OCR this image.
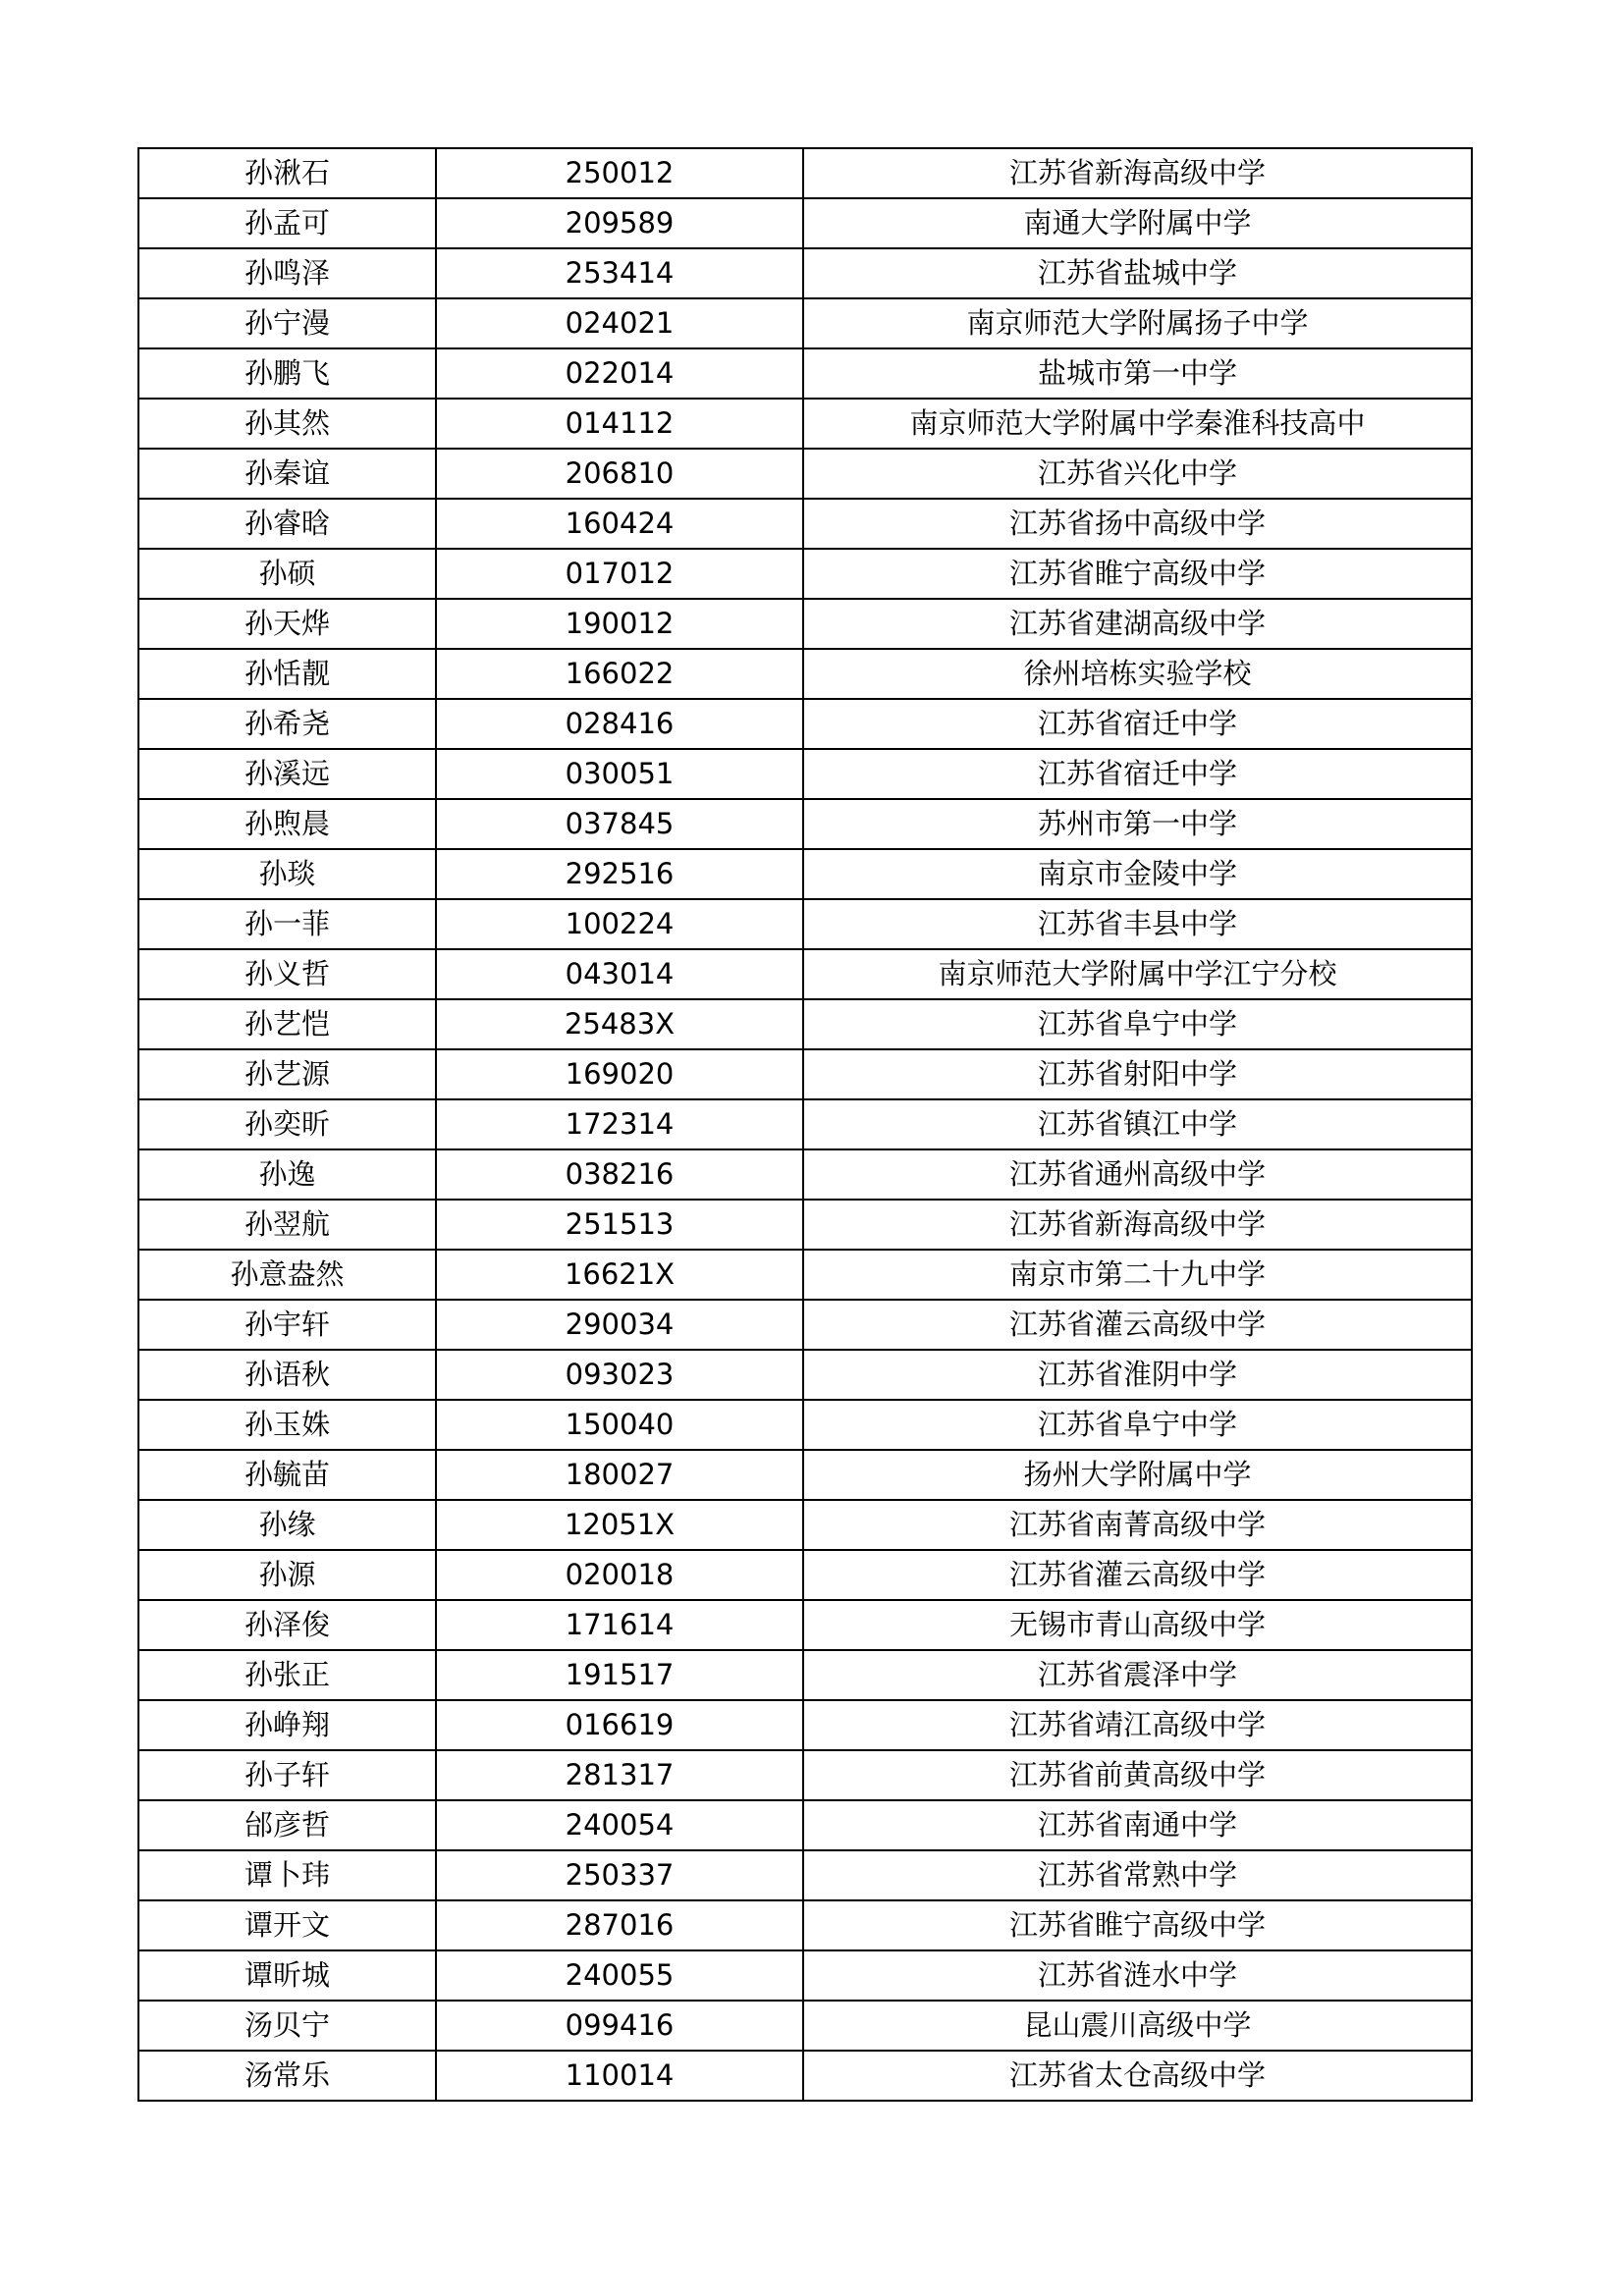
孙湫石	250012	江苏省新海高级中学
孙孟可	209589	南通大学附属中学
孙鸣泽	253414	江苏省盐城中学
孙宁漫	024021	南京师范大学附属扬子中学
孙鹏飞	022014	盐城市第一中学
孙其然	014112	南京师范大学附属中学秦淮科技高中
孙秦谊	206810	江苏省兴化中学
孙睿晗	160424	江苏省扬中高级中学
孙硕	017012	江苏省睢宁高级中学
孙天烨	190012	江苏省建湖高级中学
孙恬靓	166022	徐州培栋实验学校
孙希尧	028416	江苏省宿迁中学
孙溪远	030051	江苏省宿迁中学
孙煦晨	037845	苏州市第一中学
孙琰	292516	南京市金陵中学
孙一菲	100224	江苏省丰县中学
孙义哲	043014	南京师范大学附属中学江宁分校
孙艺恺	25483X	江苏省阜宁中学
孙艺源	169020	江苏省射阳中学
孙奕昕	172314	江苏省镇江中学
孙逸	038216	江苏省通州高级中学
孙翌航	251513	江苏省新海高级中学
孙意盎然	16621X	南京市第二十九中学
孙宇轩	290034	江苏省灌云高级中学
孙语秋	093023	江苏省淮阴中学
孙玉姝	150040	江苏省阜宁中学
孙毓苗	180027	扬州大学附属中学
孙缘	12051X	江苏省南菁高级中学
孙源	020018	江苏省灌云高级中学
孙泽俊	171614	无锡市青山高级中学
孙张正	191517	江苏省震泽中学
孙峥翔	016619	江苏省靖江高级中学
孙子轩	281317	江苏省前黄高级中学
邰彦哲	240054	江苏省南通中学
谭卜玮	250337	江苏省常熟中学
谭开文	287016	江苏省睢宁高级中学
谭昕城	240055	江苏省涟水中学
汤贝宁	099416	昆山震川高级中学
汤常乐	110014	江苏省太仓高级中学
